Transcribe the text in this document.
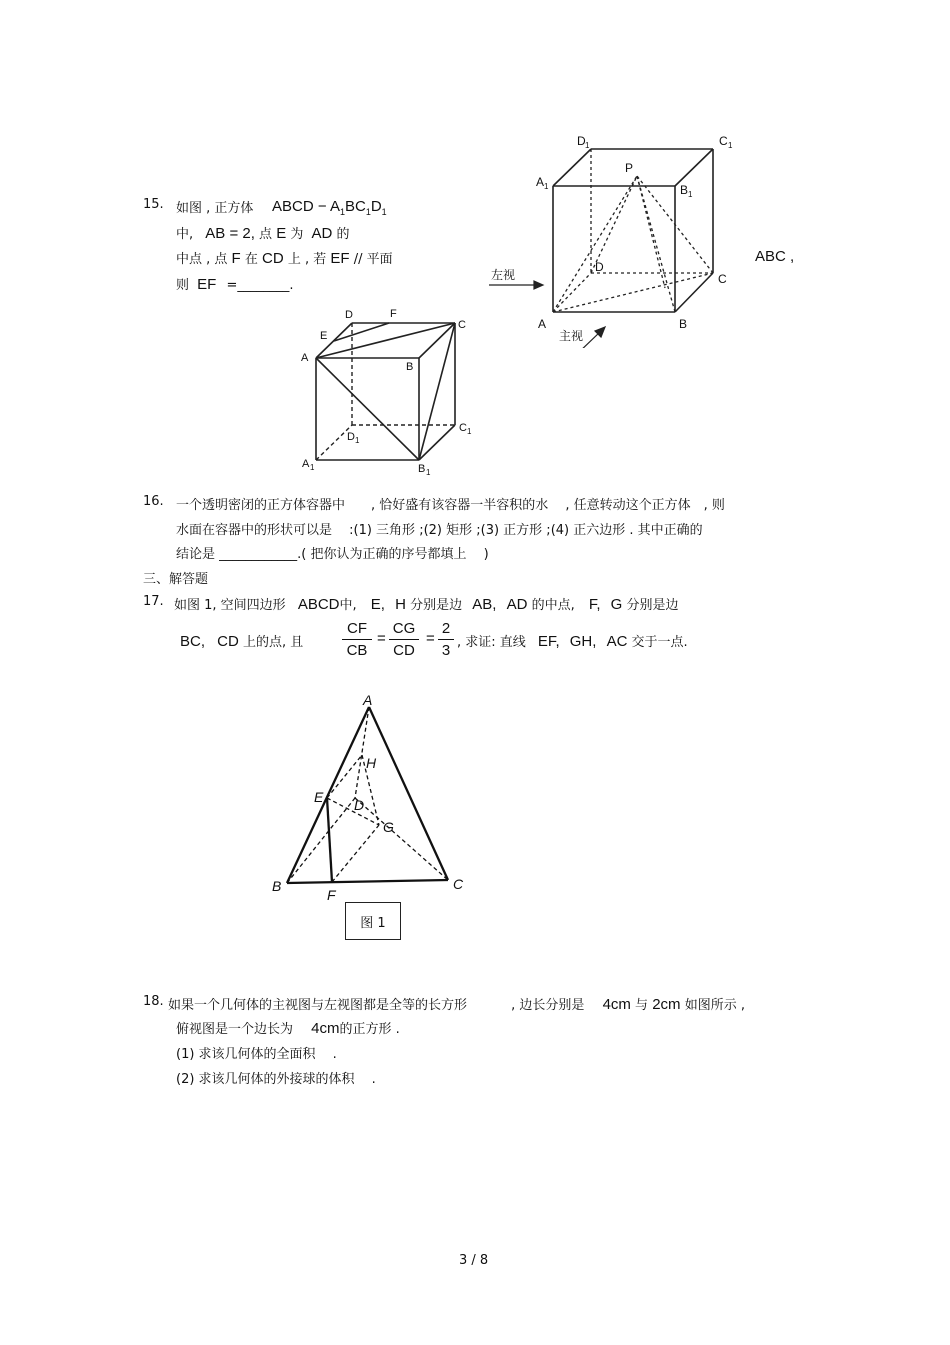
15. 如图 , 正方体 ABCD − $A_1BC_1D_1$
中, AB = 2, 点 E 为 AD 的
中点 , 点 F 在 CD 上 , 若 EF // 平面
则 EF =________.
ABC ,
D	F
C
E
A
B
D 1
C 1
A 1	B 1
D 1	C 1
A 1
P
B 1
D
C
A	B
左视
主视
16. 一个透明密闭的正方体容器中　　, 恰好盛有该容器一半容积的水　 , 任意转动这个正方体　, 则
水面在容器中的形状可以是　 :(1) 三角形 ;(2) 矩形 ;(3) 正方形 ;(4) 正六边形 . 其中正确的
结论是 ____________.( 把你认为正确的序号都填上　 )
三、解答题
17. 如图 1, 空间四边形 ABCD中, E, H 分别是边 AB, AD 的中点, F, G 分别是边
BC, CD 上的点, 且	$\frac{CF}{CB} = \frac{CG}{CD} = \frac{2}{3}$ , 求证: 直线 EF, GH, AC 交于一点.
A
H
E D
G
B
F
C
图 1
18. 如果一个几何体的主视图与左视图都是全等的长方形	, 边长分别是 4cm 与 2cm 如图所示 ,
俯视图是一个边长为 4cm的正方形 .
(1) 求该几何体的全面积　 .
(2) 求该几何体的外接球的体积　 .
3 / 8
